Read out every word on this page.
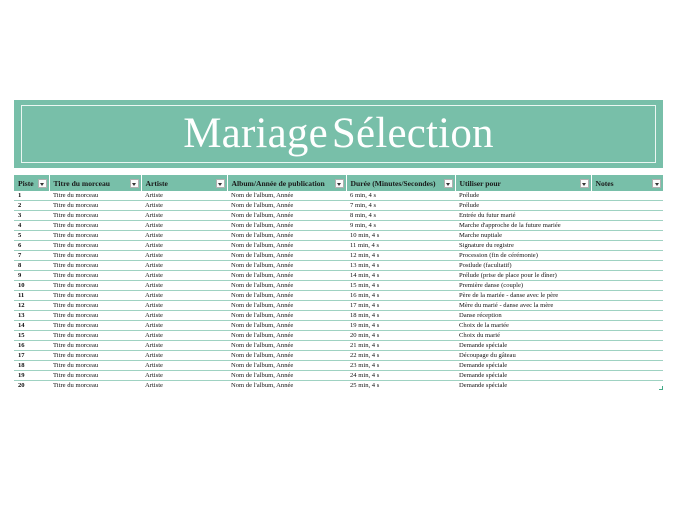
MariageSélection
Piste	Titre du morceau	Artiste	Album/Année de publication	Durée (Minutes/Secondes)	Utiliser pour	Notes

1	Titre du morceau	Artiste	Nom de l'album, Année	6 min, 4 s	Prélude	
2	Titre du morceau	Artiste	Nom de l'album, Année	7 min, 4 s	Prélude	
3	Titre du morceau	Artiste	Nom de l'album, Année	8 min, 4 s	Entrée du futur marié	
4	Titre du morceau	Artiste	Nom de l'album, Année	9 min, 4 s	Marche d'approche de la future mariée	
5	Titre du morceau	Artiste	Nom de l'album, Année	10 min, 4 s	Marche nuptiale	
6	Titre du morceau	Artiste	Nom de l'album, Année	11 min, 4 s	Signature du registre	
7	Titre du morceau	Artiste	Nom de l'album, Année	12 min, 4 s	Procession (fin de cérémonie)	
8	Titre du morceau	Artiste	Nom de l'album, Année	13 min, 4 s	Postlude (facultatif)	
9	Titre du morceau	Artiste	Nom de l'album, Année	14 min, 4 s	Prélude (prise de place pour le dîner)	
10	Titre du morceau	Artiste	Nom de l'album, Année	15 min, 4 s	Première danse (couple)	
11	Titre du morceau	Artiste	Nom de l'album, Année	16 min, 4 s	Père de la mariée - danse avec le père	
12	Titre du morceau	Artiste	Nom de l'album, Année	17 min, 4 s	Mère du marié - danse avec la mère	
13	Titre du morceau	Artiste	Nom de l'album, Année	18 min, 4 s	Danse réception	
14	Titre du morceau	Artiste	Nom de l'album, Année	19 min, 4 s	Choix de la mariée	
15	Titre du morceau	Artiste	Nom de l'album, Année	20 min, 4 s	Choix du marié	
16	Titre du morceau	Artiste	Nom de l'album, Année	21 min, 4 s	Demande spéciale	
17	Titre du morceau	Artiste	Nom de l'album, Année	22 min, 4 s	Découpage du gâteau	
18	Titre du morceau	Artiste	Nom de l'album, Année	23 min, 4 s	Demande spéciale	
19	Titre du morceau	Artiste	Nom de l'album, Année	24 min, 4 s	Demande spéciale	
20	Titre du morceau	Artiste	Nom de l'album, Année	25 min, 4 s	Demande spéciale	
